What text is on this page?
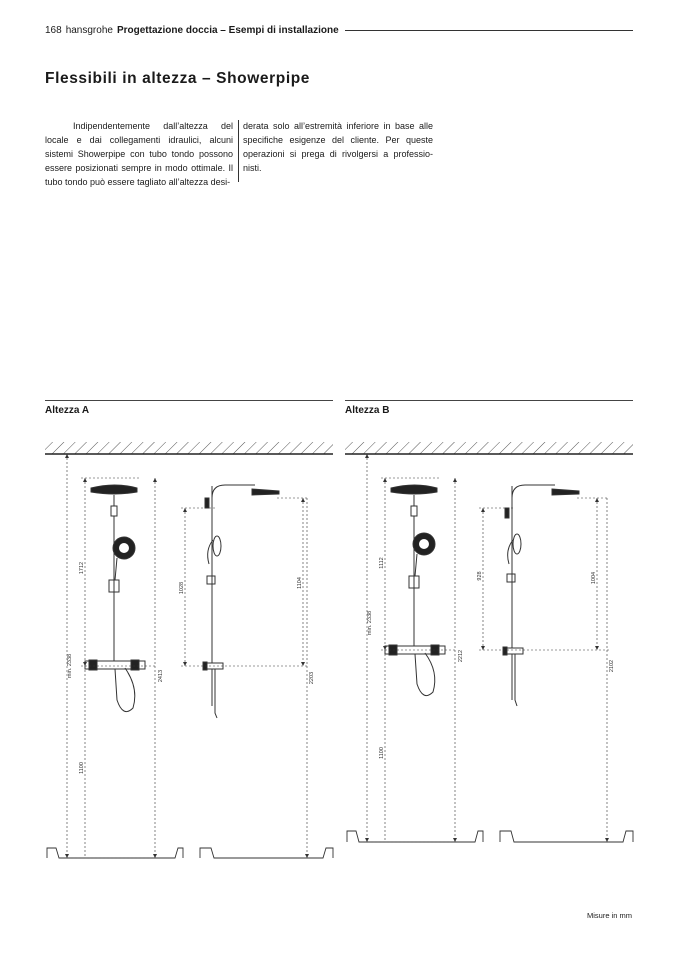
168 hansgrohe Progettazione doccia – Esempi di installazione
Flessibili in altezza – Showerpipe

Indipendentemente dall’altezza del locale e dai collegamenti idraulici, alcuni sistemi Showerpipe con tubo tondo possono essere posizionati sempre in modo ottimale. Il tubo tondo può essere tagliato all’altezza desi-

derata solo all’estremità inferiore in base alle specifiche esigenze del cliente. Per queste operazioni si prega di rivolgersi a professio-nisti.

Altezza A	Altezza B
min. 2338
1712
1100
2413
1028	1104
2203
min. 2338
1112
1100
2212
928	1004
2102
Misure in mm
